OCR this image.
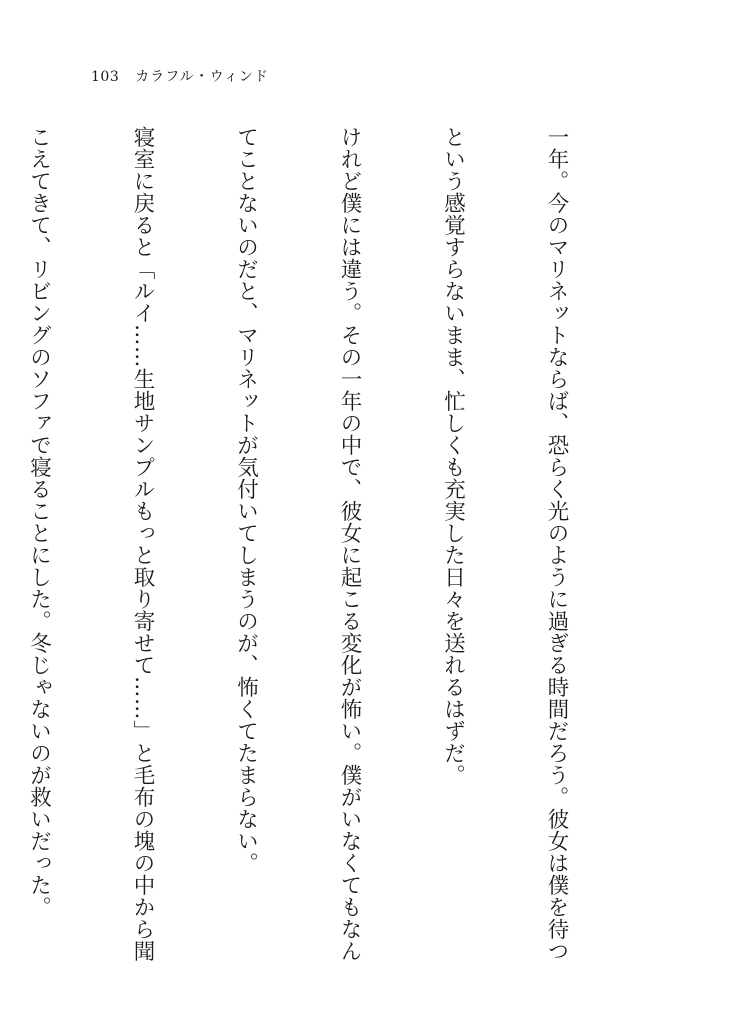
103 カラフル・ウィンド

一年。今のマリネットならば、恐らく光のように過ぎる時間だろう。彼女は僕を待つ

という感覚すらないまま、忙しくも充実した日々を送れるはずだ。

けれど僕には違う。その一年の中で、彼女に起こる変化が怖い。僕がいなくてもなん

てことないのだと、マリネットが気付いてしまうのが、怖くてたまらない。

寝室に戻ると「ルイ……生地サンプルもっと取り寄せて……」と毛布の塊の中から聞

こえてきて、リビングのソファで寝ることにした。冬じゃないのが救いだった。
